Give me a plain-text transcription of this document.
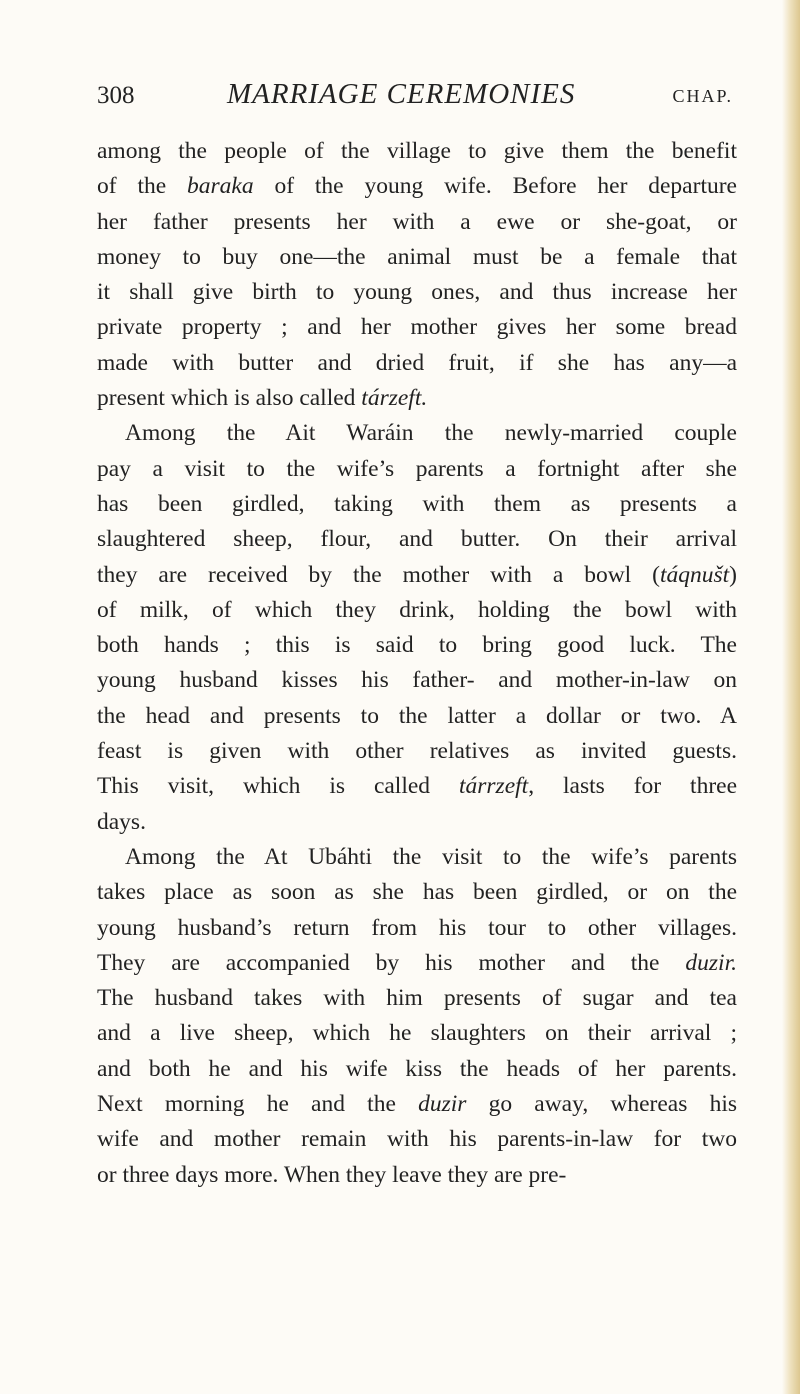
308	MARRIAGE CEREMONIES	CHAP.
among the people of the village to give them the benefit
of the baraka of the young wife. Before her departure
her father presents her with a ewe or she-goat, or
money to buy one—the animal must be a female that
it shall give birth to young ones, and thus increase her
private property ; and her mother gives her some bread
made with butter and dried fruit, if she has any—a
present which is also called tárzeft.
Among the Ait Waráin the newly-married couple
pay a visit to the wife’s parents a fortnight after she
has been girdled, taking with them as presents a
slaughtered sheep, flour, and butter. On their arrival
they are received by the mother with a bowl (táqnušt)
of milk, of which they drink, holding the bowl with
both hands ; this is said to bring good luck. The
young husband kisses his father- and mother-in-law on
the head and presents to the latter a dollar or two. A
feast is given with other relatives as invited guests.
This visit, which is called tárrzeft, lasts for three
days.
Among the At Ubáhti the visit to the wife’s parents
takes place as soon as she has been girdled, or on the
young husband’s return from his tour to other villages.
They are accompanied by his mother and the duzir.
The husband takes with him presents of sugar and tea
and a live sheep, which he slaughters on their arrival ;
and both he and his wife kiss the heads of her parents.
Next morning he and the duzir go away, whereas his
wife and mother remain with his parents-in-law for two
or three days more. When they leave they are pre-
